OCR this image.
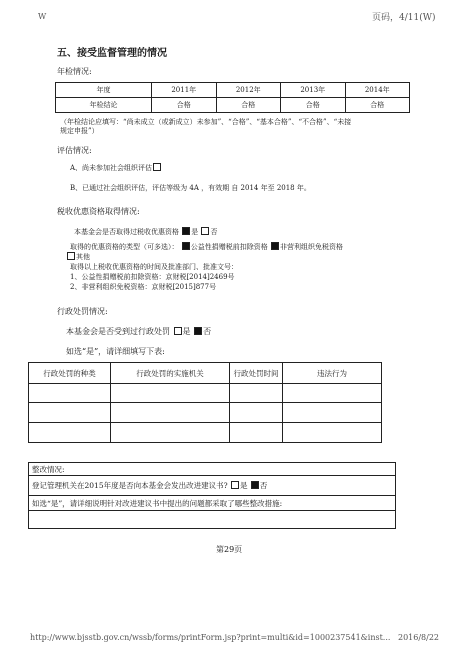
W	页码，4/11(W)
五、接受监督管理的情况
年检情况:
年度	2011年	2012年	2013年	2014年
年检结论	合格	合格	合格	合格
（年检结论应填写：“尚未成立（或新成立）未参加”、“合格”、“基本合格”、“不合格”、“未接
规定申报”）
评估情况:
A、尚未参加社会组织评估
B、已通过社会组织评估，评估等级为 4A ，有效期 自 2014 年至 2018 年。
税收优惠资格取得情况:
本基金会是否取得过税收优惠资格 是 否
取得的优惠资格的类型（可多选）： 公益性捐赠税前扣除资格 非营利组织免税资格
其他
取得以上税收优惠资格的时间及批准部门、批准文号：
1、公益性捐赠税前扣除资格：京财税[2014]2469号
2、非营利组织免税资格：京财税[2015]877号
行政处罚情况:
本基金会是否受到过行政处罚 是 否
如选“是”，请详细填写下表:
行政处罚的种类	行政处罚的实施机关	行政处罚时间	违法行为

整改情况:
登记管理机关在2015年度是否向本基金会发出改进建议书? 是 否
如选“是”，请详细说明针对改进建议书中提出的问题都采取了哪些整改措施:

第29页
http://www.bjsstb.gov.cn/wssb/forms/printForm.jsp?print=multi&id=1000237541&inst... 2016/8/22
